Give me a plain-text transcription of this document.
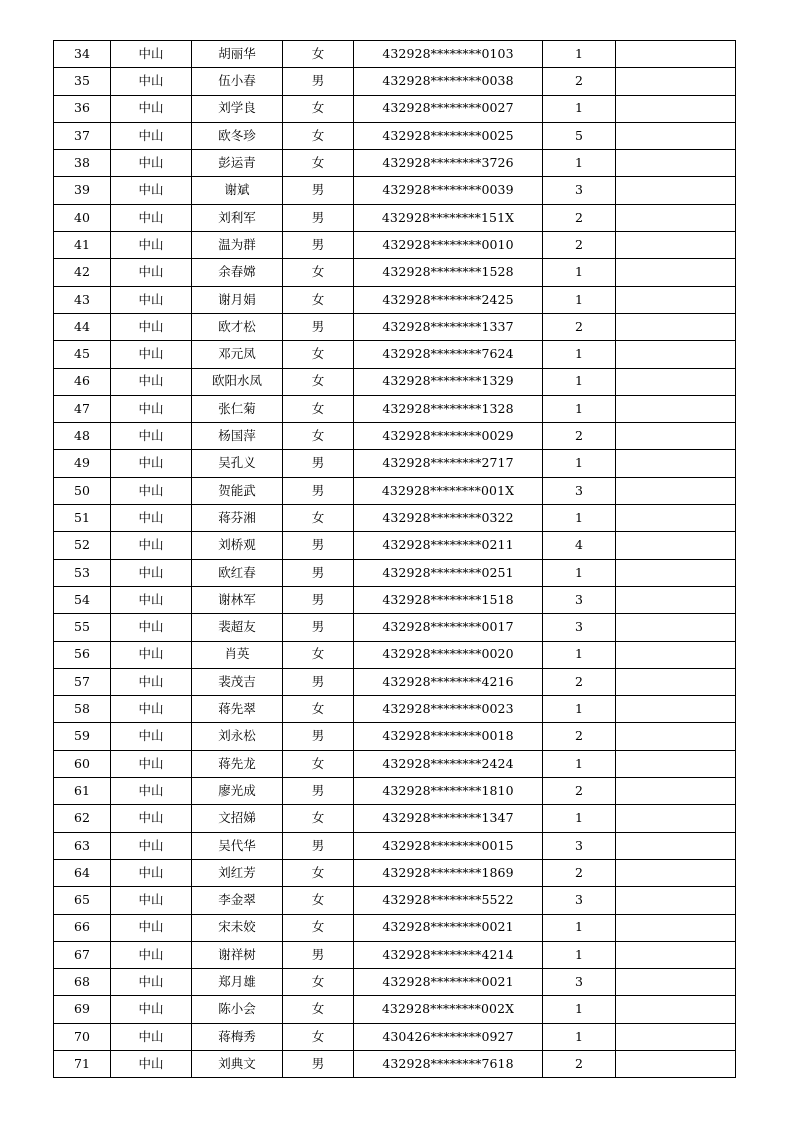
34	中山	胡丽华	女	432928********0103	1	
35	中山	伍小春	男	432928********0038	2	
36	中山	刘学良	女	432928********0027	1	
37	中山	欧冬珍	女	432928********0025	5	
38	中山	彭运青	女	432928********3726	1	
39	中山	谢斌	男	432928********0039	3	
40	中山	刘利军	男	432928********151X	2	
41	中山	温为群	男	432928********0010	2	
42	中山	余春嫦	女	432928********1528	1	
43	中山	谢月娟	女	432928********2425	1	
44	中山	欧才松	男	432928********1337	2	
45	中山	邓元凤	女	432928********7624	1	
46	中山	欧阳水凤	女	432928********1329	1	
47	中山	张仁菊	女	432928********1328	1	
48	中山	杨国萍	女	432928********0029	2	
49	中山	吴孔义	男	432928********2717	1	
50	中山	贺能武	男	432928********001X	3	
51	中山	蒋芬湘	女	432928********0322	1	
52	中山	刘桥观	男	432928********0211	4	
53	中山	欧红春	男	432928********0251	1	
54	中山	谢林军	男	432928********1518	3	
55	中山	裴超友	男	432928********0017	3	
56	中山	肖英	女	432928********0020	1	
57	中山	裴茂吉	男	432928********4216	2	
58	中山	蒋先翠	女	432928********0023	1	
59	中山	刘永松	男	432928********0018	2	
60	中山	蒋先龙	女	432928********2424	1	
61	中山	廖光成	男	432928********1810	2	
62	中山	文招娣	女	432928********1347	1	
63	中山	吴代华	男	432928********0015	3	
64	中山	刘红芳	女	432928********1869	2	
65	中山	李金翠	女	432928********5522	3	
66	中山	宋未姣	女	432928********0021	1	
67	中山	谢祥树	男	432928********4214	1	
68	中山	郑月雄	女	432928********0021	3	
69	中山	陈小会	女	432928********002X	1	
70	中山	蒋梅秀	女	430426********0927	1	
71	中山	刘典文	男	432928********7618	2	
